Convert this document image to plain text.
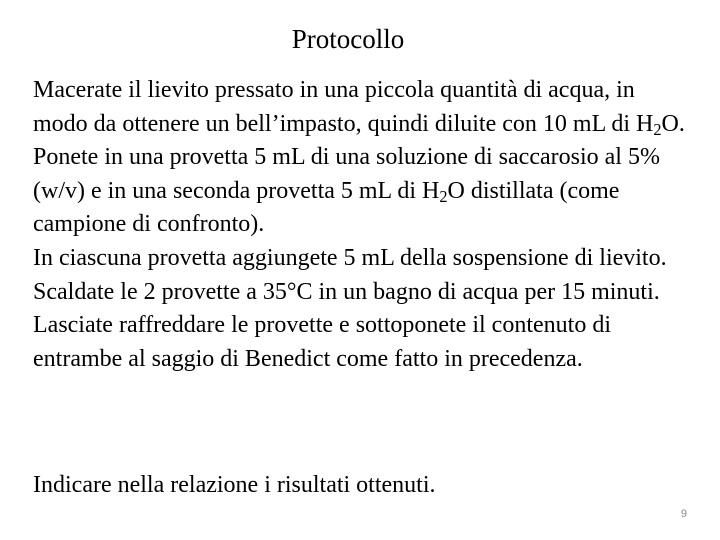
Protocollo

Macerate il lievito pressato in una piccola quantità di acqua, in modo da ottenere un bell’impasto, quindi diluite con 10 mL di $H_2O$.

Ponete in una provetta 5 mL di una soluzione di saccarosio al 5% (w/v) e in una seconda provetta 5 mL di $H_2O$ distillata (come campione di confronto).

In ciascuna provetta aggiungete 5 mL della sospensione di lievito. Scaldate le 2 provette a 35°C in un bagno di acqua per 15 minuti. Lasciate raffreddare le provette e sottoponete il contenuto di entrambe al saggio di Benedict come fatto in precedenza.

Indicare nella relazione i risultati ottenuti.

9
